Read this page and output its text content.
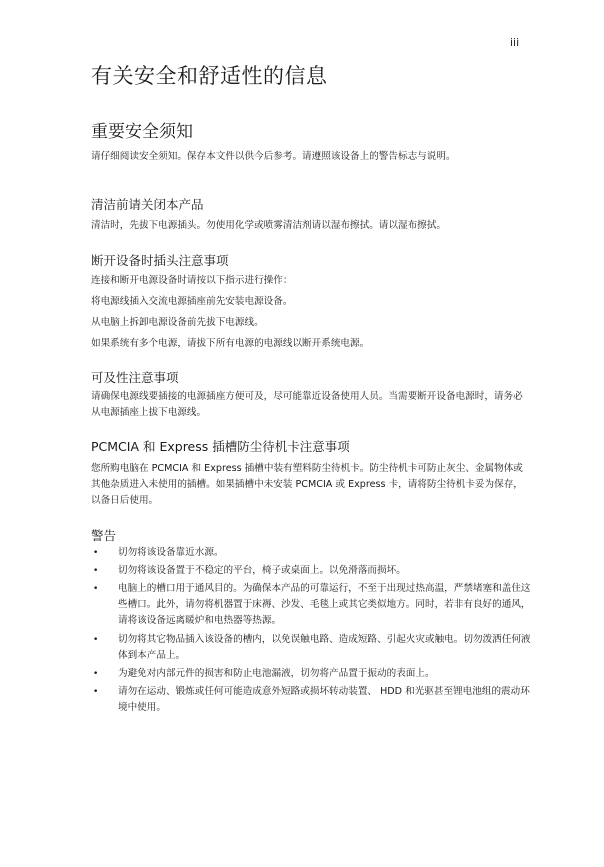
iii
有关安全和舒适性的信息
重要安全须知

请仔细阅读安全须知。保存本文件以供今后参考。请遵照该设备上的警告标志与说明。

清洁前请关闭本产品

清洁时，先拔下电源插头。勿使用化学或喷雾清洁剂请以湿布擦拭。请以湿布擦拭。

断开设备时插头注意事项

连接和断开电源设备时请按以下指示进行操作：

将电源线插入交流电源插座前先安装电源设备。

从电脑上拆卸电源设备前先拔下电源线。

如果系统有多个电源，请拔下所有电源的电源线以断开系统电源。

可及性注意事项

请确保电源线要插接的电源插座方便可及，尽可能靠近设备使用人员。当需要断开设备电源时，请务必从电源插座上拔下电源线。

PCMCIA 和 Express 插槽防尘待机卡注意事项

您所购电脑在 PCMCIA 和 Express 插槽中装有塑料防尘待机卡。防尘待机卡可防止灰尘、金属物体或其他杂质进入未使用的插槽。如果插槽中未安装 PCMCIA 或 Express 卡，请将防尘待机卡妥为保存，以备日后使用。

警告
• 切勿将该设备靠近水源。
• 切勿将该设备置于不稳定的平台，椅子或桌面上。以免滑落而损坏。
• 电脑上的槽口用于通风目的。为确保本产品的可靠运行，不至于出现过热高温，严禁堵塞和盖住这些槽口。此外，请勿将机器置于床褥、沙发、毛毯上或其它类似地方。同时，若非有良好的通风，请将该设备远离暖炉和电热器等热源。
• 切勿将其它物品插入该设备的槽内，以免误触电路、造成短路、引起火灾或触电。切勿泼洒任何液体到本产品上。
• 为避免对内部元件的损害和防止电池漏液，切勿将产品置于振动的表面上。
• 请勿在运动、锻炼或任何可能造成意外短路或损坏转动装置、 HDD 和光驱甚至锂电池组的震动环境中使用。
